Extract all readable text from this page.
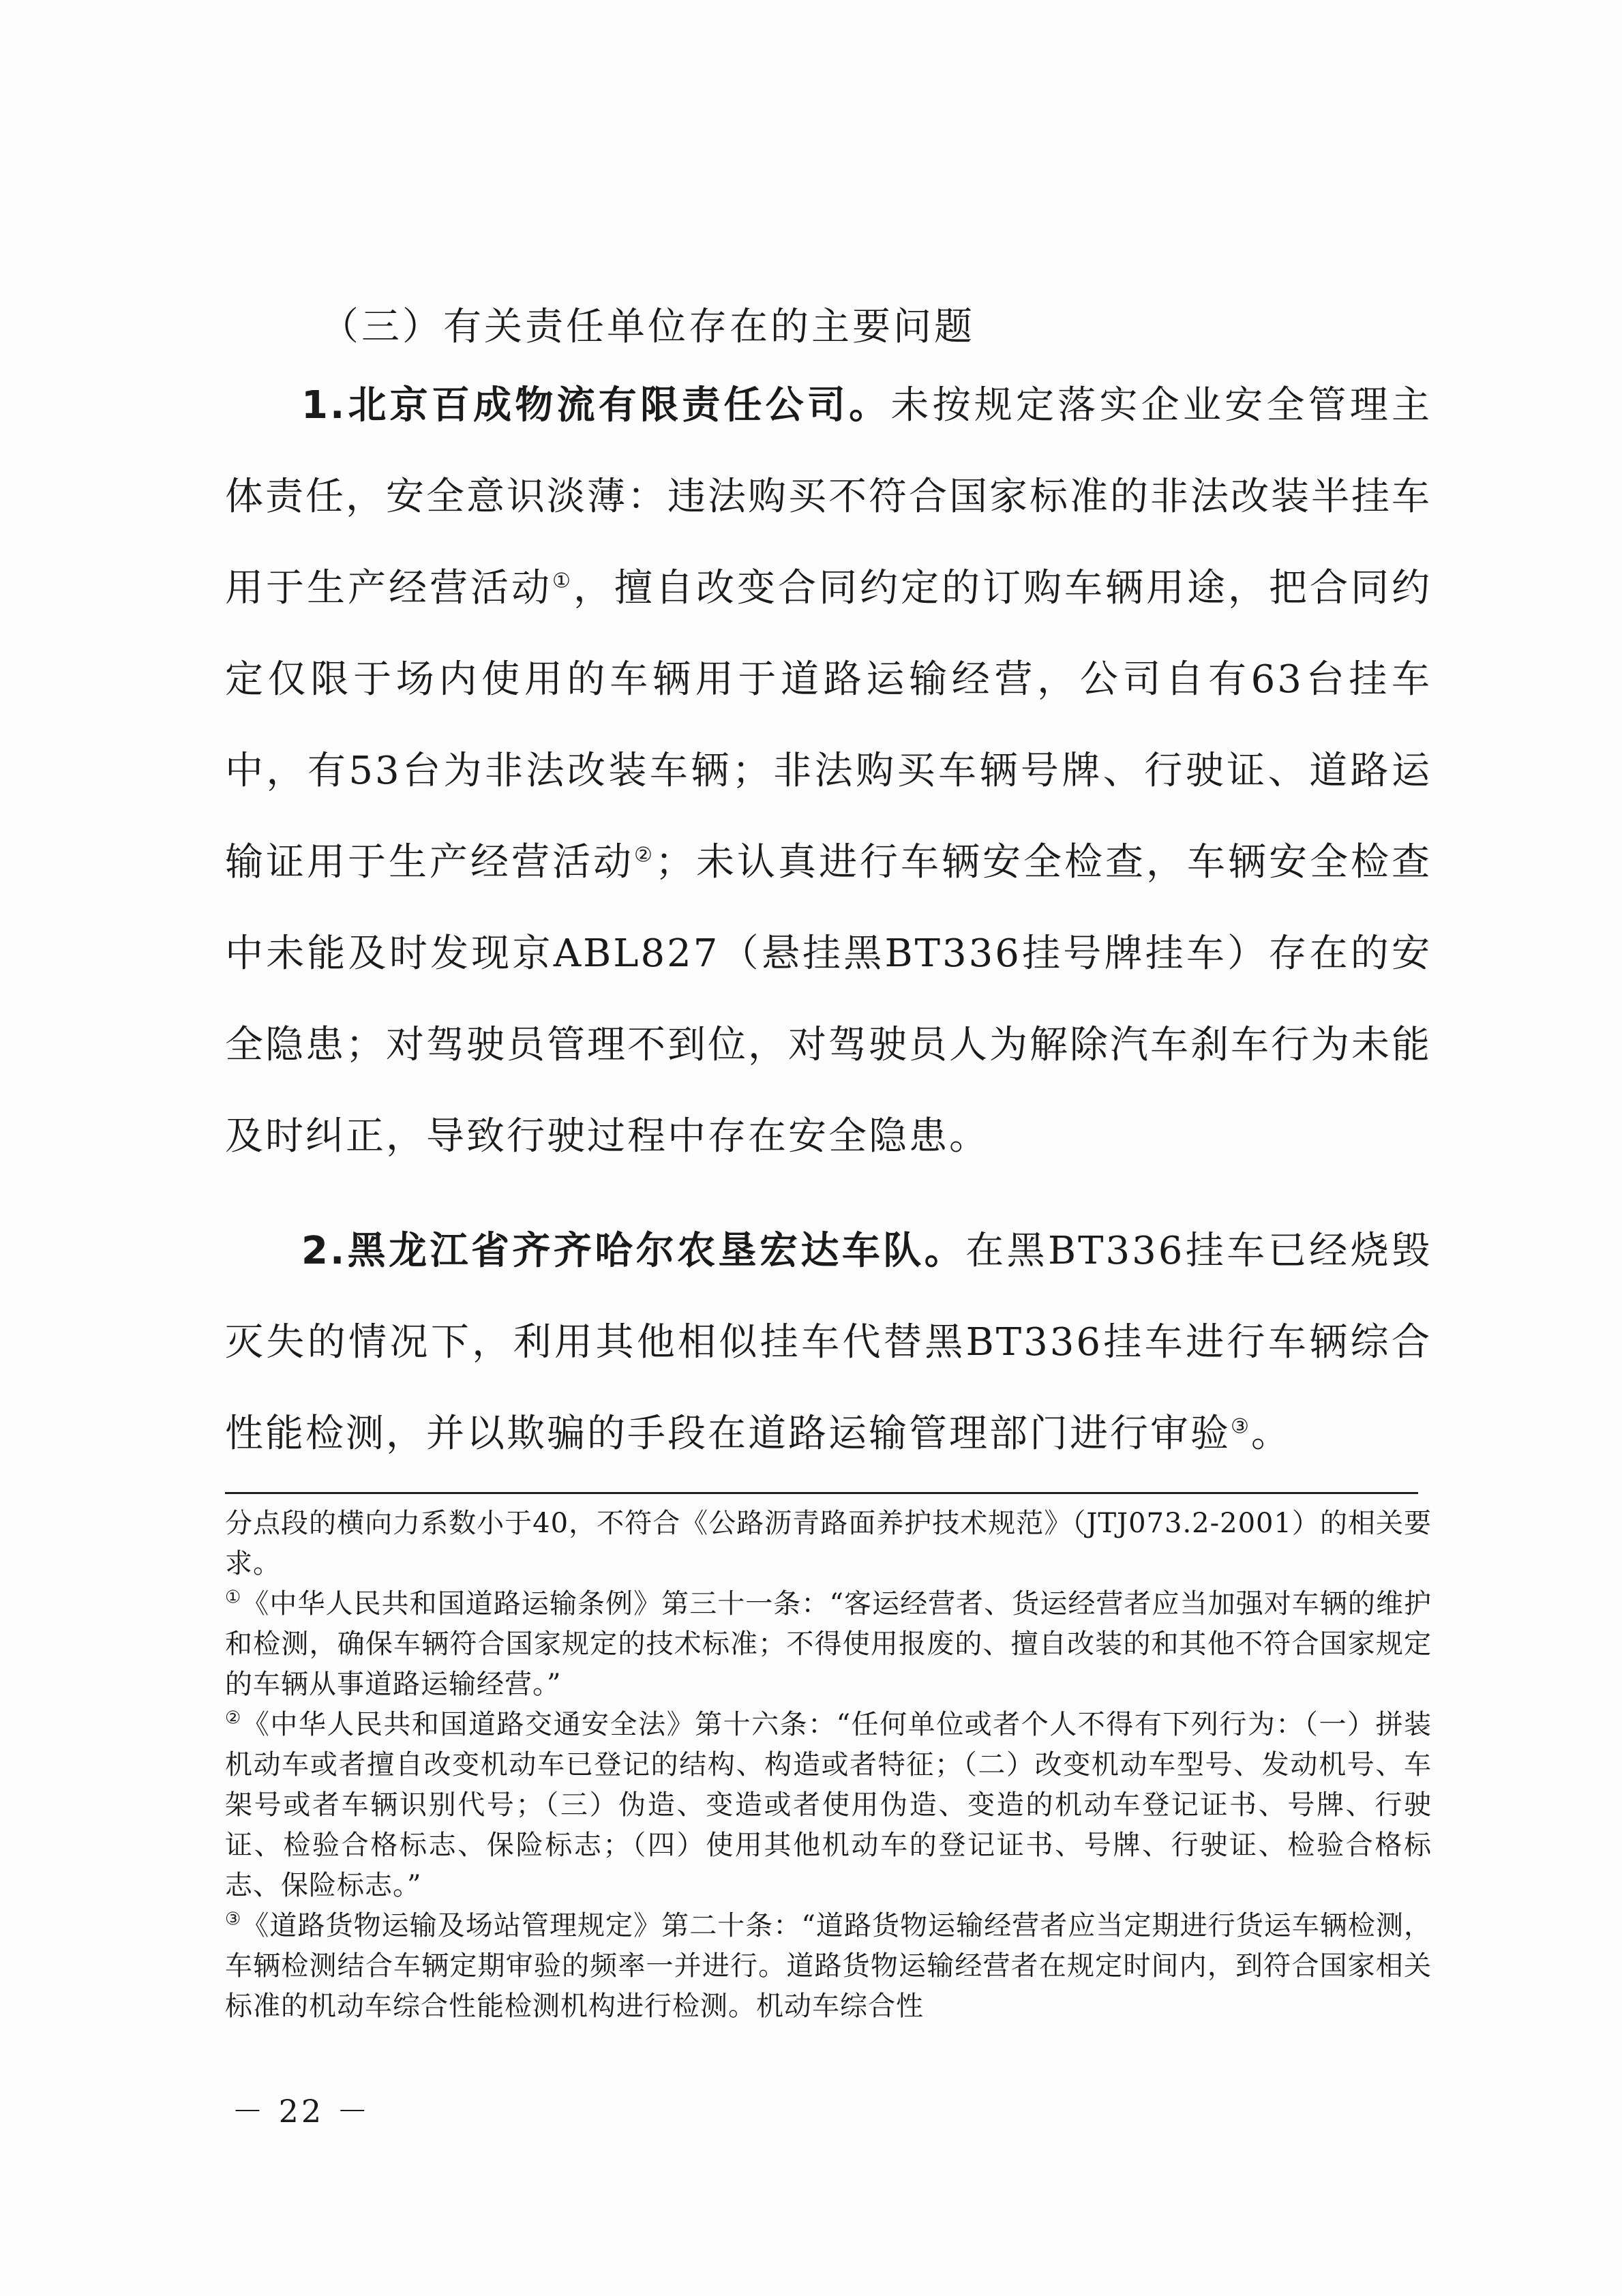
（三）有关责任单位存在的主要问题

1.北京百成物流有限责任公司。未按规定落实企业安全管理主体责任，安全意识淡薄：违法购买不符合国家标准的非法改装半挂车用于生产经营活动①，擅自改变合同约定的订购车辆用途，把合同约定仅限于场内使用的车辆用于道路运输经营，公司自有63台挂车中，有53台为非法改装车辆；非法购买车辆号牌、行驶证、道路运输证用于生产经营活动②；未认真进行车辆安全检查，车辆安全检查中未能及时发现京ABL827（悬挂黑BT336挂号牌挂车）存在的安全隐患；对驾驶员管理不到位，对驾驶员人为解除汽车刹车行为未能及时纠正，导致行驶过程中存在安全隐患。

2.黑龙江省齐齐哈尔农垦宏达车队。在黑BT336挂车已经烧毁灭失的情况下，利用其他相似挂车代替黑BT336挂车进行车辆综合性能检测，并以欺骗的手段在道路运输管理部门进行审验③。

分点段的横向力系数小于40，不符合《公路沥青路面养护技术规范》（JTJ073.2-2001）的相关要求。

①《中华人民共和国道路运输条例》第三十一条：“客运经营者、货运经营者应当加强对车辆的维护和检测，确保车辆符合国家规定的技术标准；不得使用报废的、擅自改装的和其他不符合国家规定的车辆从事道路运输经营。”

②《中华人民共和国道路交通安全法》第十六条：“任何单位或者个人不得有下列行为：（一）拼装机动车或者擅自改变机动车已登记的结构、构造或者特征；（二）改变机动车型号、发动机号、车架号或者车辆识别代号；（三）伪造、变造或者使用伪造、变造的机动车登记证书、号牌、行驶证、检验合格标志、保险标志；（四）使用其他机动车的登记证书、号牌、行驶证、检验合格标志、保险标志。”

③《道路货物运输及场站管理规定》第二十条：“道路货物运输经营者应当定期进行货运车辆检测，车辆检测结合车辆定期审验的频率一并进行。道路货物运输经营者在规定时间内，到符合国家相关标准的机动车综合性能检测机构进行检测。机动车综合性

－ 22 －
